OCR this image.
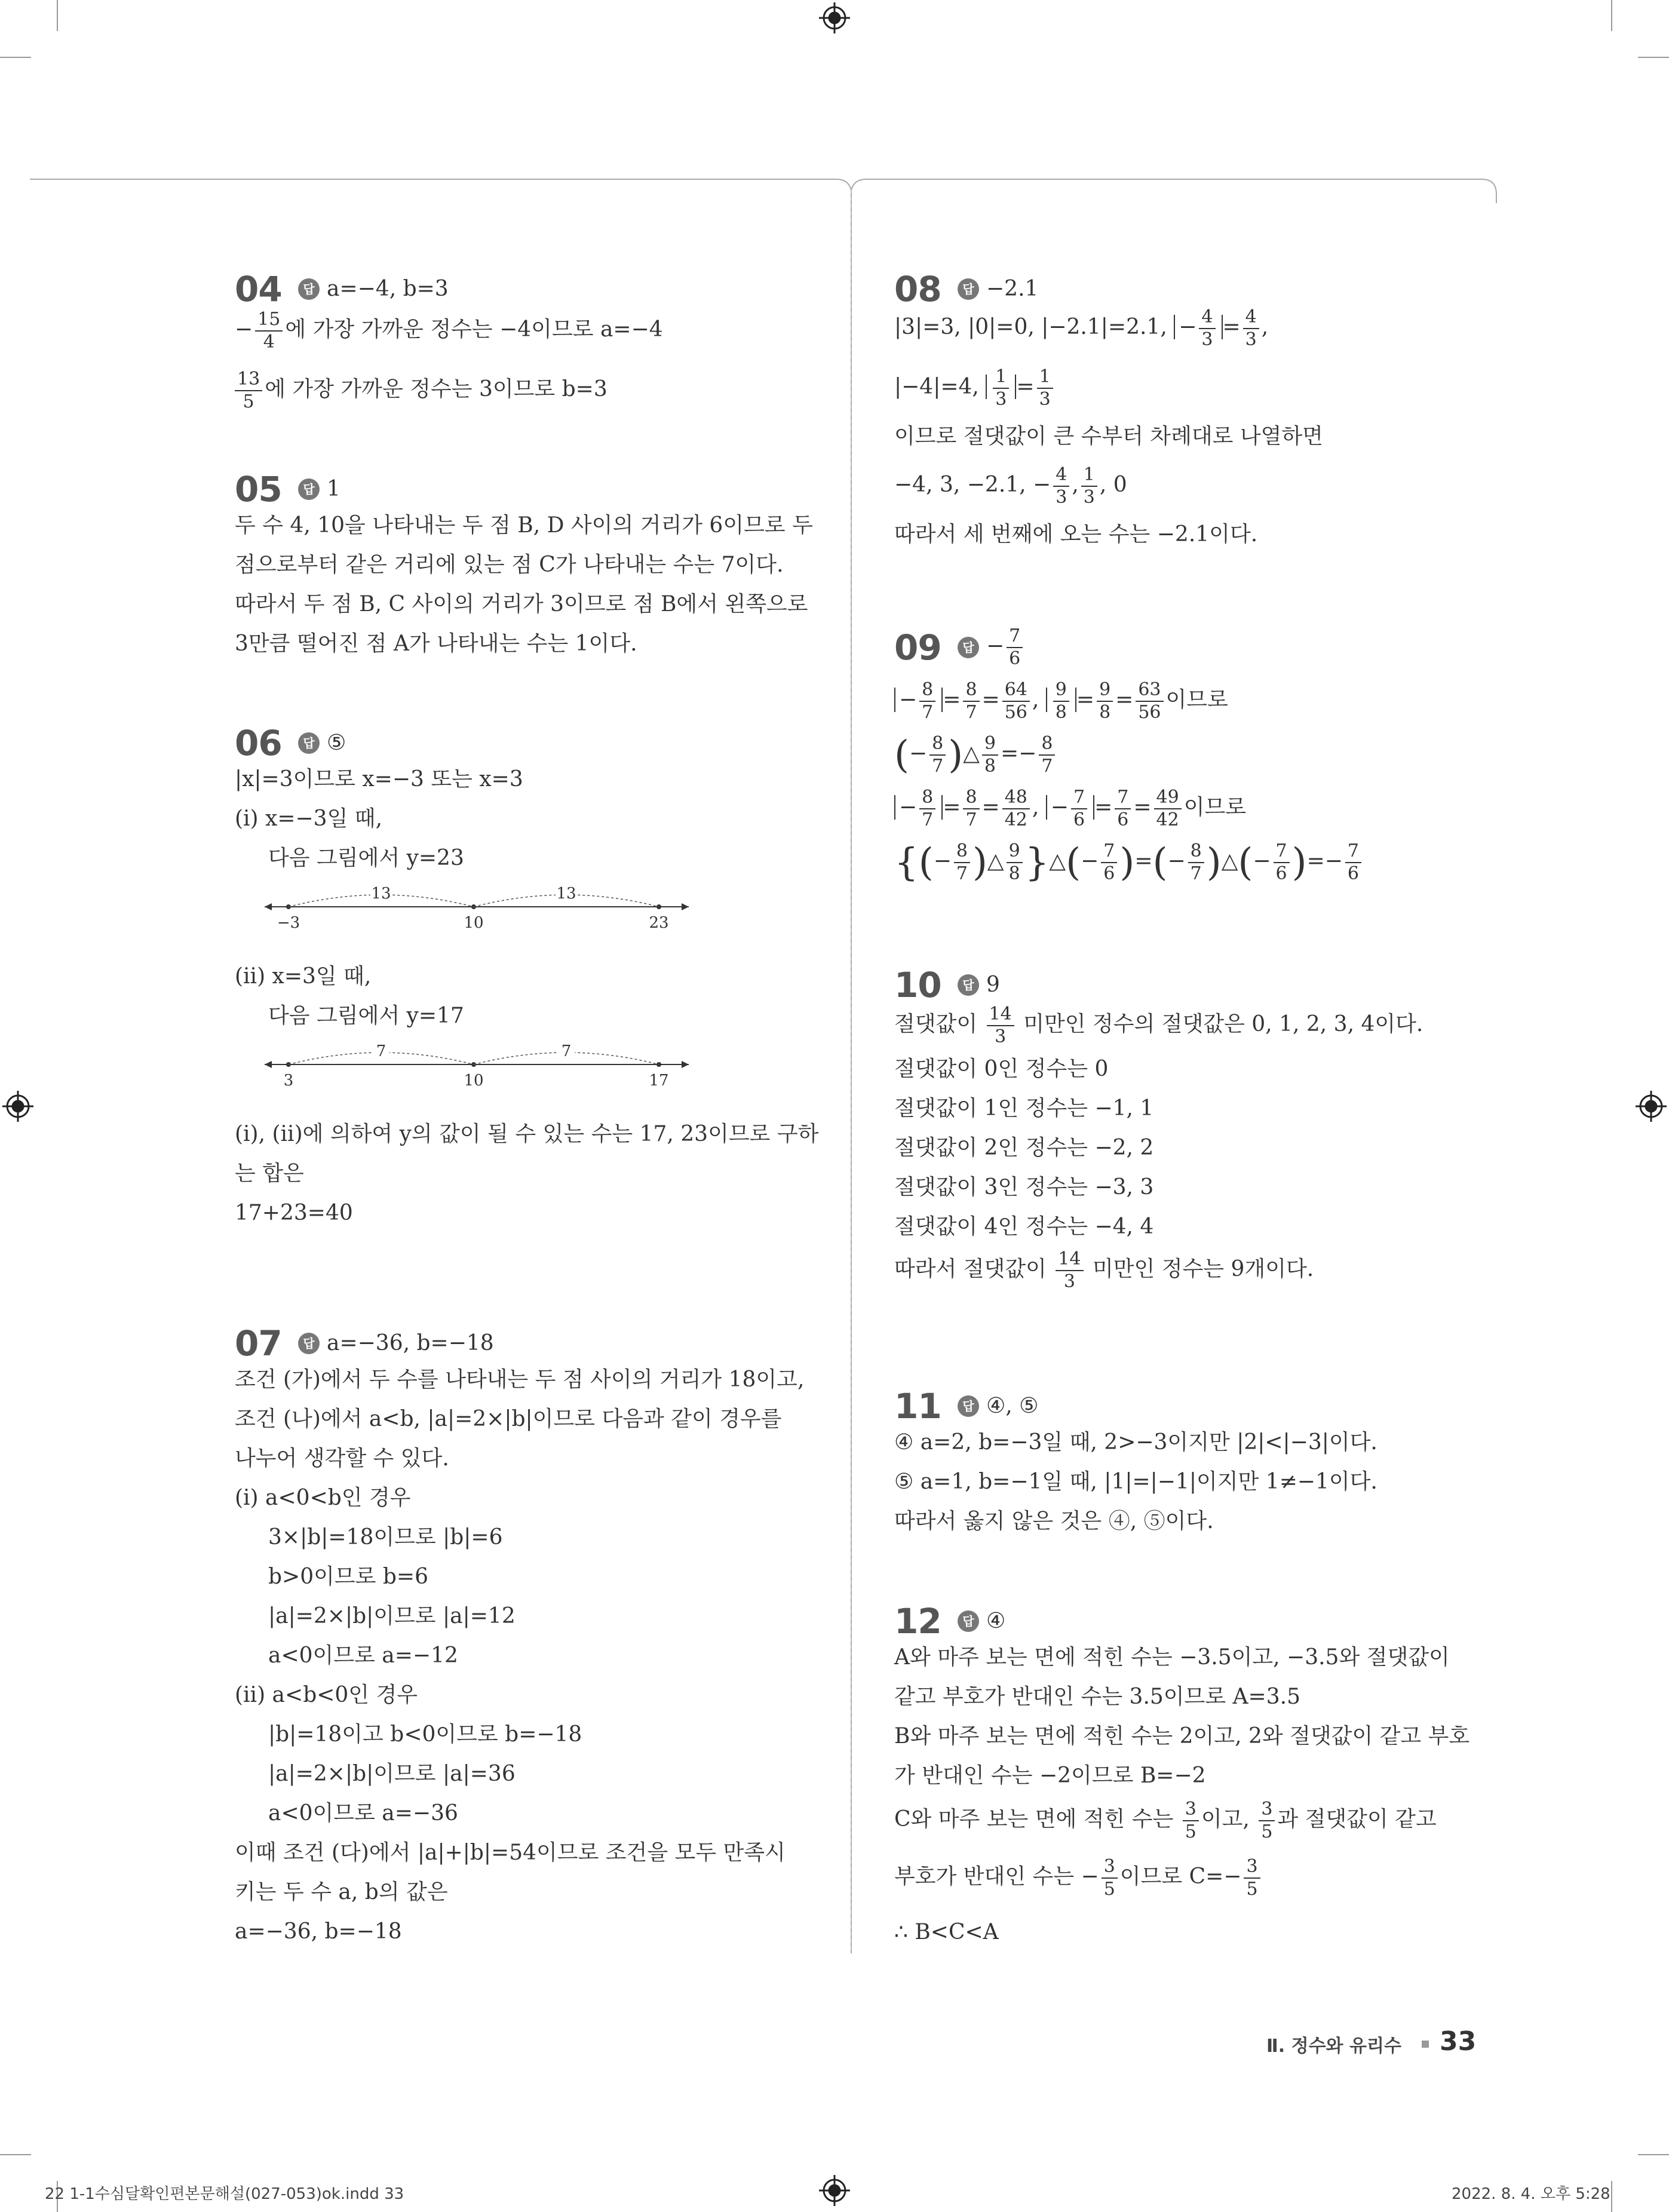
04	답 a=−4, b=3
− $\frac{15}{4}$ 에 가장 가까운 정수는 −4이므로 a=−4
$\frac{13}{5}$ 에 가장 가까운 정수는 3이므로 b=3
05	답 1
두 수 4, 10을 나타내는 두 점 B, D 사이의 거리가 6이므로 두
점으로부터 같은 거리에 있는 점 C가 나타내는 수는 7이다.
따라서 두 점 B, C 사이의 거리가 3이므로 점 B에서 왼쪽으로
3만큼 떨어진 점 A가 나타내는 수는 1이다.
06	답 ⑤
|x|=3이므로 x=−3 또는 x=3
(ⅰ) x=−3일 때,
다음 그림에서 y=23
13	13
−3	10	23
(ⅱ) x=3일 때,
다음 그림에서 y=17
7	7
3	10	17
(ⅰ), (ⅱ)에 의하여 y의 값이 될 수 있는 수는 17, 23이므로 구하
는 합은
17+23=40
07	답 a=−36, b=−18
조건 (가)에서 두 수를 나타내는 두 점 사이의 거리가 18이고,
조건 (나)에서 a<b, |a|=2×|b|이므로 다음과 같이 경우를
나누어 생각할 수 있다.
(ⅰ) a<0<b인 경우
3×|b|=18이므로 |b|=6
b>0이므로 b=6
|a|=2×|b|이므로 |a|=12
a<0이므로 a=−12
(ⅱ) a<b<0인 경우
|b|=18이고 b<0이므로 b=−18
|a|=2×|b|이므로 |a|=36
a<0이므로 a=−36
이때 조건 (다)에서 |a|+|b|=54이므로 조건을 모두 만족시
키는 두 수 a, b의 값은
a=−36, b=−18
08	답 −2.1
|3|=3, |0|=0, |−2.1|=2.1, − $\frac{4}{3} = \frac{4}{3}$ ,
|−4|=4, $\frac{1}{3} = \frac{1}{3}$
이므로 절댓값이 큰 수부터 차례대로 나열하면
−4, 3, −2.1, − $\frac{4}{3}$ , $\frac{1}{3}$ , 0
따라서 세 번째에 오는 수는 −2.1이다.
09	답 − $\frac{7}{6}$
− $\frac{8}{7} = \frac{8}{7} = \frac{64}{56}$ , $\frac{9}{8} = \frac{9}{8} = \frac{63}{56}$ 이므로
(− $\frac{8}{7}$ )△ $\frac{9}{8} =- \frac{8}{7}$
− $\frac{8}{7} = \frac{8}{7} = \frac{48}{42}$ , − $\frac{7}{6} = \frac{7}{6} = \frac{49}{42}$ 이므로
{(− $\frac{8}{7}$ )△ $\frac{9}{8}$ }△(− $\frac{7}{6}$ )=(− $\frac{8}{7}$ )△(− $\frac{7}{6}$ )=− $\frac{7}{6}$
10	답 9
절댓값이 $\frac{14}{3}$ 미만인 정수의 절댓값은 0, 1, 2, 3, 4이다.
절댓값이 0인 정수는 0
절댓값이 1인 정수는 −1, 1
절댓값이 2인 정수는 −2, 2
절댓값이 3인 정수는 −3, 3
절댓값이 4인 정수는 −4, 4
따라서 절댓값이 $\frac{14}{3}$ 미만인 정수는 9개이다.
11	답 ④, ⑤
④ a=2, b=−3일 때, 2>−3이지만 |2|<|−3|이다.
⑤ a=1, b=−1일 때, |1|=|−1|이지만 1≠−1이다.
따라서 옳지 않은 것은 ④, ⑤이다.
12	답 ④
A와 마주 보는 면에 적힌 수는 −3.5이고, −3.5와 절댓값이
같고 부호가 반대인 수는 3.5이므로 A=3.5
B와 마주 보는 면에 적힌 수는 2이고, 2와 절댓값이 같고 부호
가 반대인 수는 −2이므로 B=−2
C와 마주 보는 면에 적힌 수는 $\frac{3}{5}$ 이고, $\frac{3}{5}$ 과 절댓값이 같고
부호가 반대인 수는 − $\frac{3}{5}$ 이므로 $C=- \frac{3}{5}$
∴ B<C<A
Ⅱ. 정수와 유리수 33
22 1-1수심달확인편본문해설(027-053)ok.indd 33	2022. 8. 4. 오후 5:28
